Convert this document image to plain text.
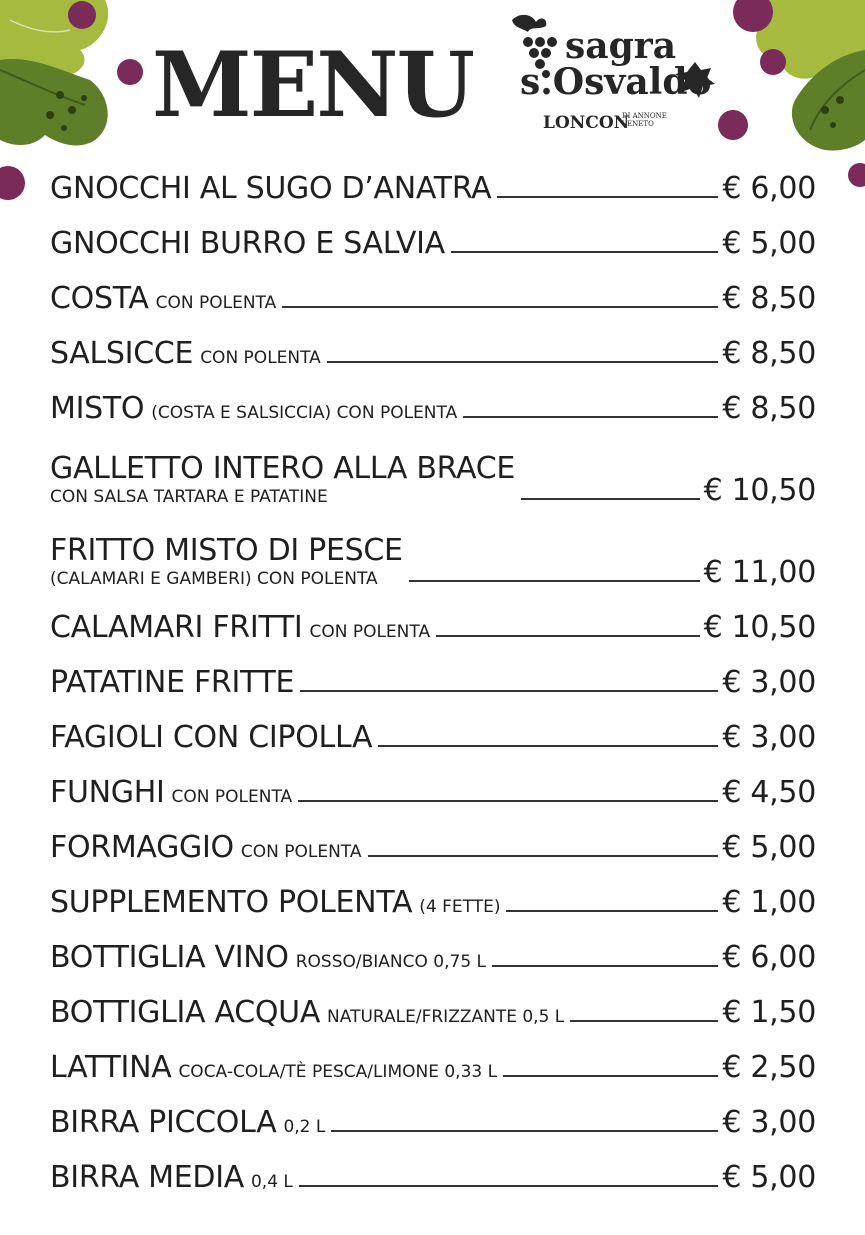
MENU	sagra
s.Osvaldo
LONCON
DI ANNONE VENETO
GNOCCHI AL SUGO D’ANATRA	€ 6,00
GNOCCHI BURRO E SALVIA	€ 5,00
COSTA CON POLENTA	€ 8,50
SALSICCE CON POLENTA	€ 8,50
MISTO (COSTA E SALSICCIA) CON POLENTA	€ 8,50
GALLETTO INTERO ALLA BRACE
CON SALSA TARTARA E PATATINE	€ 10,50
FRITTO MISTO DI PESCE
(CALAMARI E GAMBERI) CON POLENTA	€ 11,00
CALAMARI FRITTI CON POLENTA	€ 10,50
PATATINE FRITTE	€ 3,00
FAGIOLI CON CIPOLLA	€ 3,00
FUNGHI CON POLENTA	€ 4,50
FORMAGGIO CON POLENTA	€ 5,00
SUPPLEMENTO POLENTA (4 FETTE)	€ 1,00
BOTTIGLIA VINO ROSSO/BIANCO 0,75 L	€ 6,00
BOTTIGLIA ACQUA NATURALE/FRIZZANTE 0,5 L	€ 1,50
LATTINA COCA-COLA/TÈ PESCA/LIMONE 0,33 L	€ 2,50
BIRRA PICCOLA 0,2 L	€ 3,00
BIRRA MEDIA 0,4 L	€ 5,00
